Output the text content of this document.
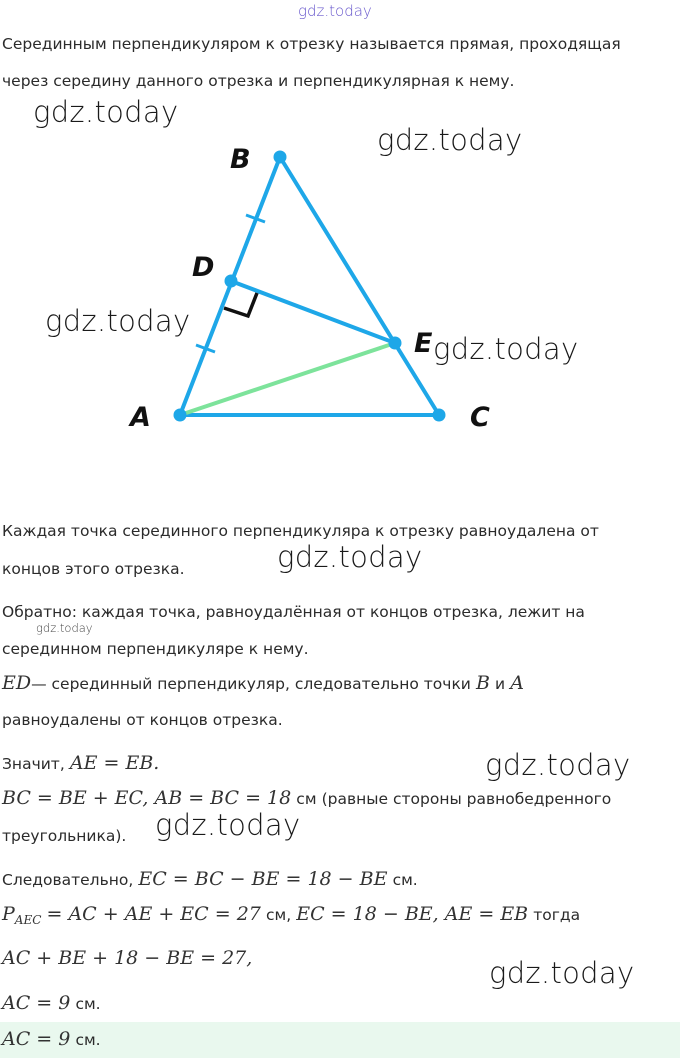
gdz.today
gdz.today
gdz.today
gdz.today
gdz.today
gdz.today
gdz.today
gdz.today
gdz.today
gdz.today
Серединным перпендикуляром к отрезку называется прямая, проходящая
через середину данного отрезка и перпендикулярная к нему.
B
D
E
A	C
Каждая точка серединного перпендикуляра к отрезку равноудалена от
концов этого отрезка.
Обратно: каждая точка, равноудалённая от концов отрезка, лежит на
серединном перпендикуляре к нему.
ED— серединный перпендикуляр, следовательно точки B и A
равноудалены от концов отрезка.
Значит, AE = EB.
BC = BE + EC, AB = BC = 18 см (равные стороны равнобедренного
треугольника).
Следовательно, EC = BC − BE = 18 − BE см.
$P_{AEC}$ = AC + AE + EC = 27 см, EC = 18 − BE, AE = EB тогда
AC + BE + 18 − BE = 27,
AC = 9 см.
AC = 9 см.
